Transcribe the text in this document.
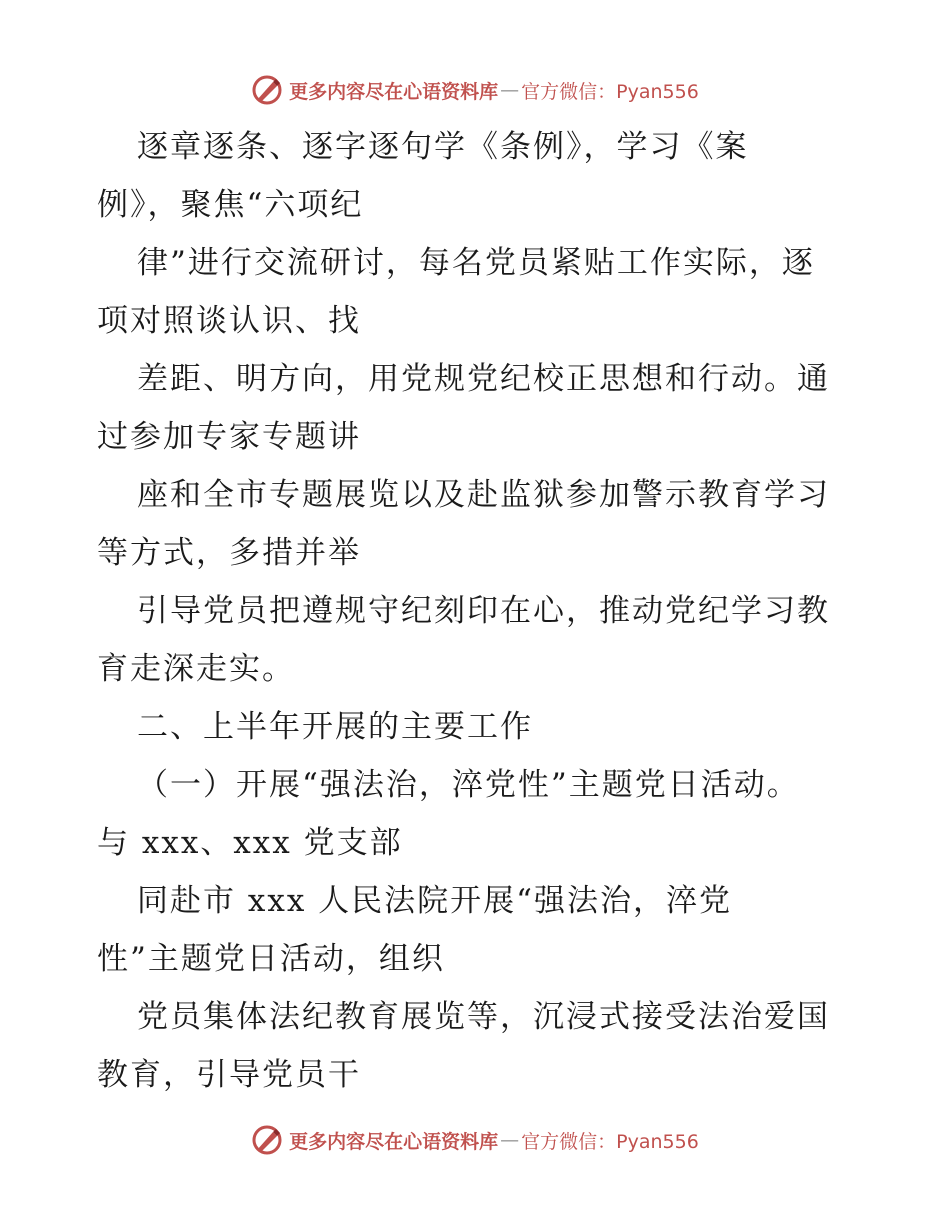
更多内容尽在心语资料库 — 官方微信：Pyan556

逐章逐条、逐字逐句学《条例》，学习《案

例》，聚焦“六项纪

律”进行交流研讨，每名党员紧贴工作实际，逐

项对照谈认识、找

差距、明方向，用党规党纪校正思想和行动。通

过参加专家专题讲

座和全市专题展览以及赴监狱参加警示教育学习

等方式，多措并举

引导党员把遵规守纪刻印在心，推动党纪学习教

育走深走实。

二、上半年开展的主要工作

（一）开展“强法治，淬党性”主题党日活动。

与 xxx、xxx 党支部

同赴市 xxx 人民法院开展“强法治，淬党

性”主题党日活动，组织

党员集体法纪教育展览等，沉浸式接受法治爱国

教育，引导党员干

更多内容尽在心语资料库 — 官方微信：Pyan556
